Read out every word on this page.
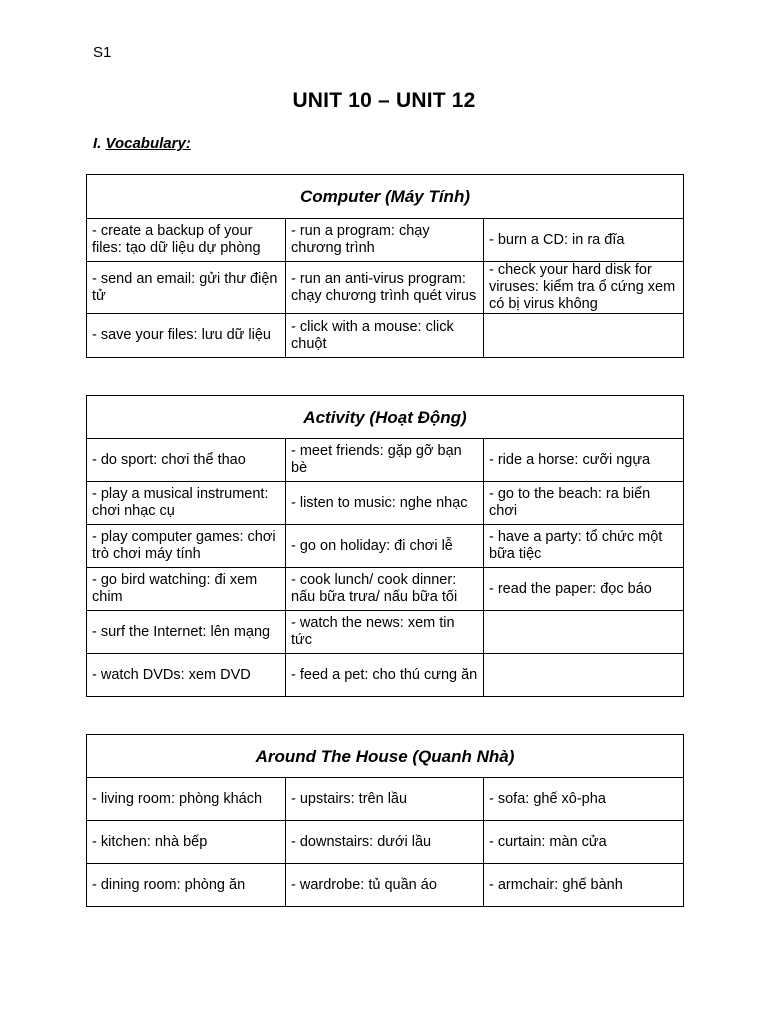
S1
UNIT 10 – UNIT 12
I. Vocabulary:
Computer (Máy Tính)		
- create a backup of your files: tạo dữ liệu dự phòng	- run a program: chạy chương trình	- burn a CD: in ra đĩa
- send an email: gửi thư điện tử	- run an anti-virus program: chạy chương trình quét virus	- check your hard disk for viruses: kiểm tra ổ cứng xem có bị virus không
- save your files: lưu dữ liệu	- click with a mouse: click chuột	
Activity (Hoạt Động)		
- do sport: chơi thể thao	- meet friends: gặp gỡ bạn bè	- ride a horse: cưỡi ngựa
- play a musical instrument: chơi nhạc cụ	- listen to music: nghe nhạc	- go to the beach: ra biển chơi
- play computer games: chơi trò chơi máy tính	- go on holiday: đi chơi lễ	- have a party: tổ chức một bữa tiệc
- go bird watching: đi xem chim	- cook lunch/ cook dinner: nấu bữa trưa/ nấu bữa tối	- read the paper: đọc báo
- surf the Internet: lên mạng	- watch the news: xem tin tức	
- watch DVDs: xem DVD	- feed a pet: cho thú cưng ăn	
Around The House (Quanh Nhà)		
- living room: phòng khách	- upstairs: trên lầu	- sofa: ghế xô-pha
- kitchen: nhà bếp	- downstairs: dưới lầu	- curtain: màn cửa
- dining room: phòng ăn	- wardrobe: tủ quần áo	- armchair: ghế bành
